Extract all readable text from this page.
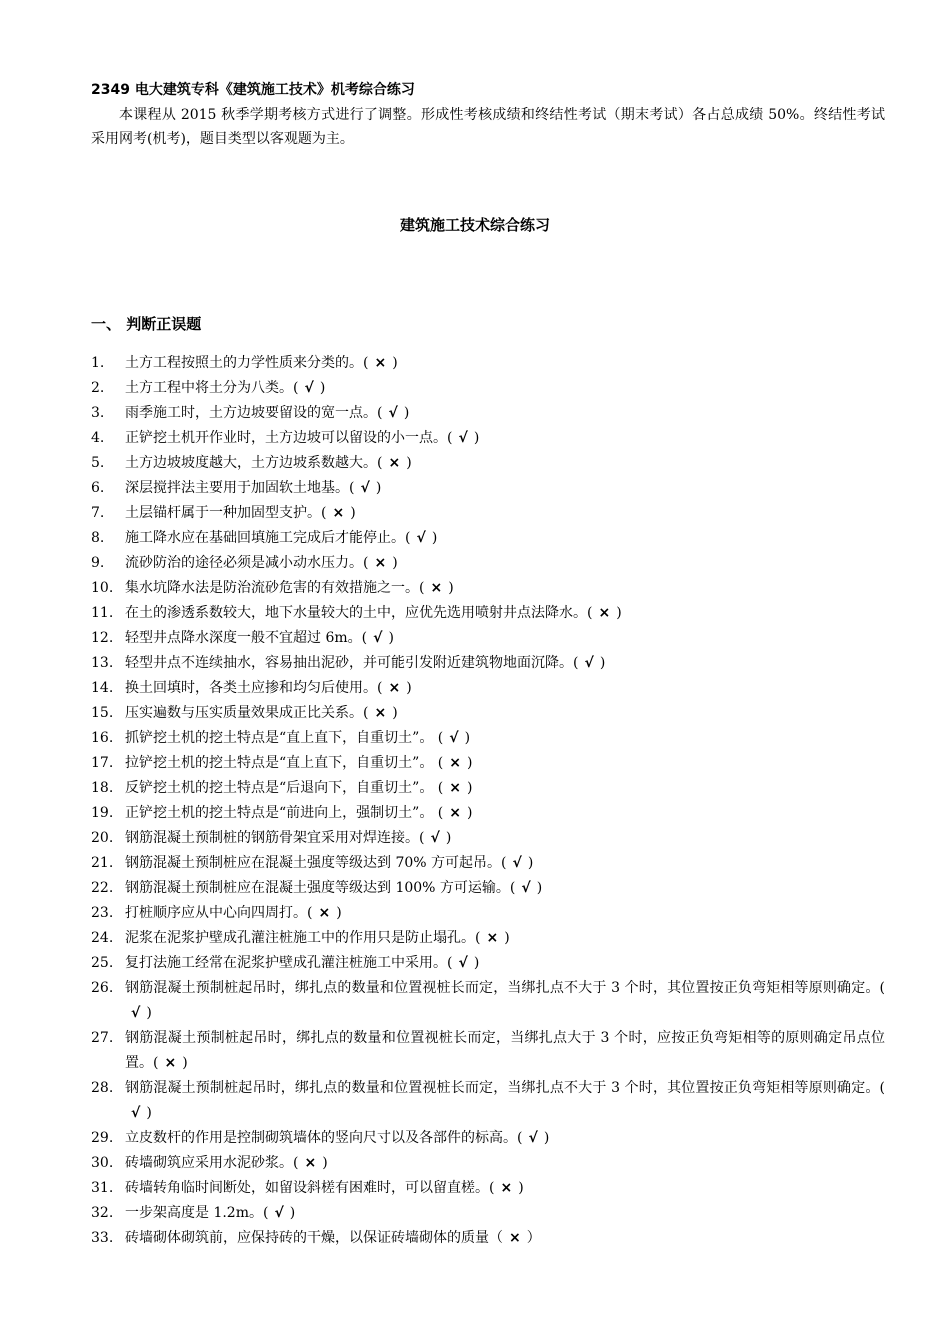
2349 电大建筑专科《建筑施工技术》机考综合练习
本课程从 2015 秋季学期考核方式进行了调整。形成性考核成绩和终结性考试（期末考试）各占总成绩 50%。终结性考试采用网考(机考)，题目类型以客观题为主。
建筑施工技术综合练习
一、 判断正误题
1.	土方工程按照土的力学性质来分类的。( × )
2.	土方工程中将土分为八类。( √ )
3.	雨季施工时，土方边坡要留设的宽一点。( √ )
4.	正铲挖土机开作业时，土方边坡可以留设的小一点。( √ )
5.	土方边坡坡度越大，土方边坡系数越大。( × )
6.	深层搅拌法主要用于加固软土地基。( √ )
7.	土层锚杆属于一种加固型支护。( × )
8.	施工降水应在基础回填施工完成后才能停止。( √ )
9.	流砂防治的途径必须是减小动水压力。( × )
10. 集水坑降水法是防治流砂危害的有效措施之一。( × )
11. 在土的渗透系数较大，地下水量较大的土中，应优先选用喷射井点法降水。( × )
12. 轻型井点降水深度一般不宜超过 6m。( √ )
13. 轻型井点不连续抽水，容易抽出泥砂，并可能引发附近建筑物地面沉降。( √ )
14. 换土回填时，各类土应掺和均匀后使用。( × )
15. 压实遍数与压实质量效果成正比关系。( × )
16. 抓铲挖土机的挖土特点是“直上直下，自重切土”。 ( √ )
17. 拉铲挖土机的挖土特点是“直上直下，自重切土”。 ( × )
18. 反铲挖土机的挖土特点是“后退向下，自重切土”。 ( × )
19. 正铲挖土机的挖土特点是“前进向上，强制切土”。 ( × )
20. 钢筋混凝土预制桩的钢筋骨架宜采用对焊连接。( √ )
21. 钢筋混凝土预制桩应在混凝土强度等级达到 70% 方可起吊。( √ )
22. 钢筋混凝土预制桩应在混凝土强度等级达到 100% 方可运输。( √ )
23. 打桩顺序应从中心向四周打。( × )
24. 泥浆在泥浆护壁成孔灌注桩施工中的作用只是防止塌孔。( × )
25. 复打法施工经常在泥浆护壁成孔灌注桩施工中采用。( √ )
26. 钢筋混凝土预制桩起吊时，绑扎点的数量和位置视桩长而定，当绑扎点不大于 3 个时，其位置按正负弯矩相等原则确定。(√ )
27. 钢筋混凝土预制桩起吊时，绑扎点的数量和位置视桩长而定，当绑扎点大于 3 个时，应按正负弯矩相等的原则确定吊点位置。( × )
28. 钢筋混凝土预制桩起吊时，绑扎点的数量和位置视桩长而定，当绑扎点不大于 3 个时，其位置按正负弯矩相等原则确定。(√ )
29. 立皮数杆的作用是控制砌筑墙体的竖向尺寸以及各部件的标高。( √ )
30. 砖墙砌筑应采用水泥砂浆。( × )
31. 砖墙转角临时间断处，如留设斜槎有困难时，可以留直槎。( × )
32. 一步架高度是 1.2m。( √ )
33. 砖墙砌体砌筑前，应保持砖的干燥，以保证砖墙砌体的质量（ × ）
